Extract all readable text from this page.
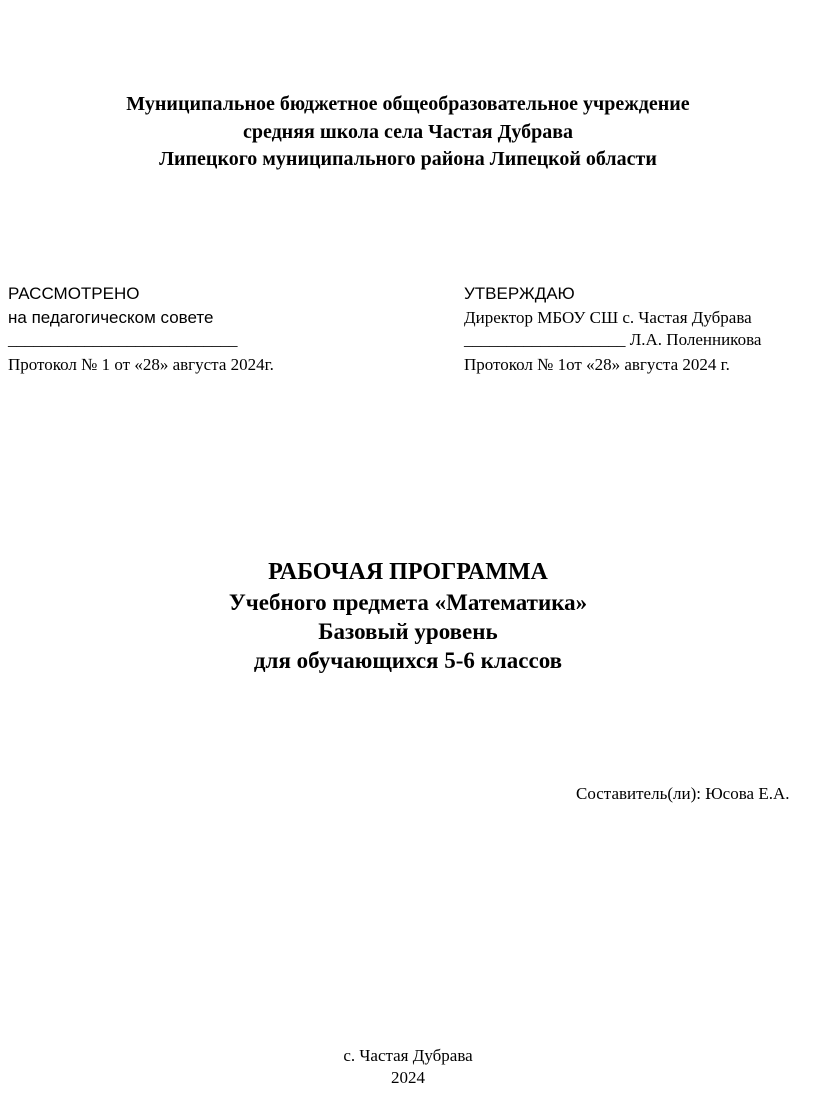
Муниципальное бюджетное общеобразовательное учреждение
средняя школа села Частая Дубрава
Липецкого муниципального района Липецкой области
РАССМОТРЕНО
на педагогическом совете
___________________________
Протокол № 1 от «28» августа 2024г.
УТВЕРЖДАЮ
Директор МБОУ СШ с. Частая Дубрава
___________________ Л.А. Поленникова
Протокол № 1от «28» августа 2024 г.
РАБОЧАЯ ПРОГРАММА
Учебного предмета «Математика»
Базовый уровень
для обучающихся 5-6 классов
Составитель(ли): Юсова Е.А.
с. Частая Дубрава
2024
